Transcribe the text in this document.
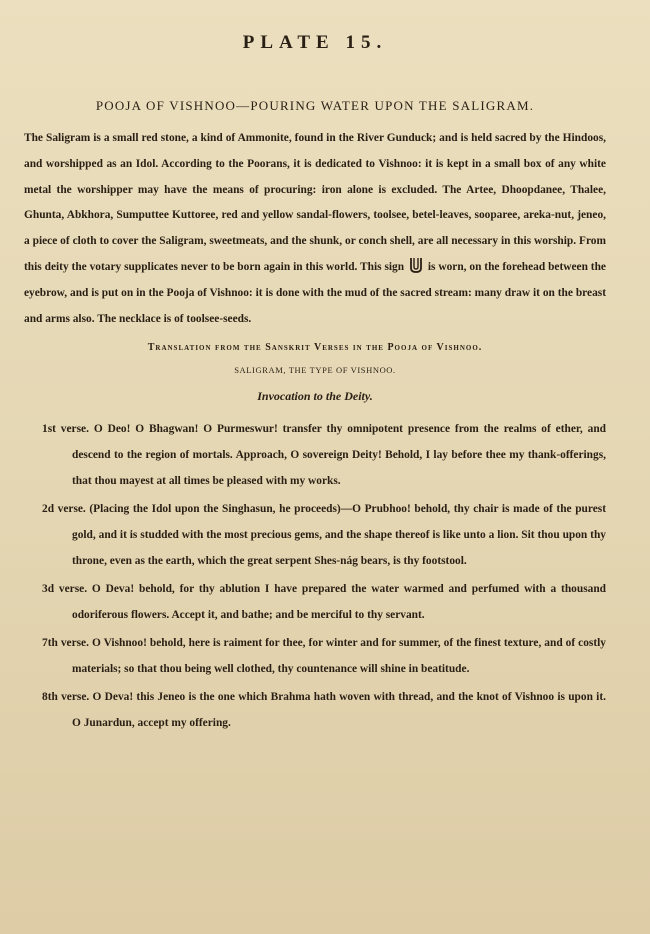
PLATE 15.
POOJA OF VISHNOO—POURING WATER UPON THE SALIGRAM.

The Saligram is a small red stone, a kind of Ammonite, found in the River Gunduck; and is held sacred by the Hindoos, and worshipped as an Idol. According to the Poorans, it is dedicated to Vishnoo: it is kept in a small box of any white metal the worshipper may have the means of procuring: iron alone is excluded. The Artee, Dhoopdanee, Thalee, Ghunta, Abkhora, Sumputtee Kuttoree, red and yellow sandal-flowers, toolsee, betel-leaves, sooparee, areka-nut, jeneo, a piece of cloth to cover the Saligram, sweetmeats, and the shunk, or conch shell, are all necessary in this worship. From this deity the votary supplicates never to be born again in this world. This sign is worn, on the forehead between the eyebrow, and is put on in the Pooja of Vishnoo: it is done with the mud of the sacred stream: many draw it on the breast and arms also. The necklace is of toolsee-seeds.

Translation from the Sanskrit Verses in the Pooja of Vishnoo.
SALIGRAM, THE TYPE OF VISHNOO.
Invocation to the Deity.

1st verse. O Deo! O Bhagwan! O Purmeswur! transfer thy omnipotent presence from the realms of ether, and descend to the region of mortals. Approach, O sovereign Deity! Behold, I lay before thee my thank-offerings, that thou mayest at all times be pleased with my works.

2d verse. (Placing the Idol upon the Singhasun, he proceeds)—O Prubhoo! behold, thy chair is made of the purest gold, and it is studded with the most precious gems, and the shape thereof is like unto a lion. Sit thou upon thy throne, even as the earth, which the great serpent Shes-nág bears, is thy footstool.

3d verse. O Deva! behold, for thy ablution I have prepared the water warmed and perfumed with a thousand odoriferous flowers. Accept it, and bathe; and be merciful to thy servant.

7th verse. O Vishnoo! behold, here is raiment for thee, for winter and for summer, of the finest texture, and of costly materials; so that thou being well clothed, thy countenance will shine in beatitude.

8th verse. O Deva! this Jeneo is the one which Brahma hath woven with thread, and the knot of Vishnoo is upon it. O Junardun, accept my offering.
